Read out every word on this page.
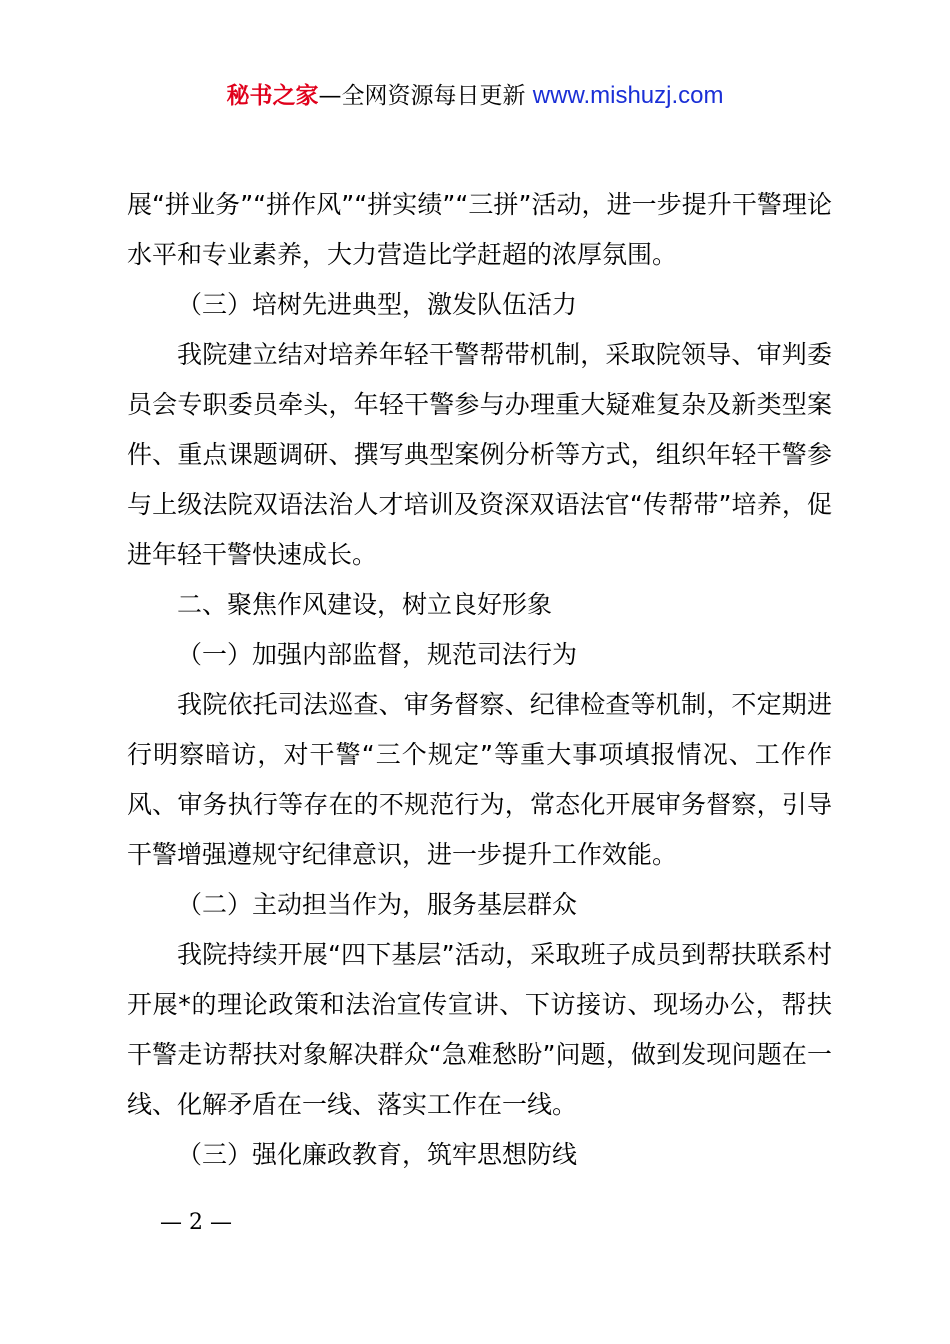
秘书之家—全网资源每日更新 www.mishuzj.com

展“拼业务”“拼作风”“拼实绩”“三拼”活动，进一步提升干警理论水平和专业素养，大力营造比学赶超的浓厚氛围。

（三）培树先进典型，激发队伍活力

我院建立结对培养年轻干警帮带机制，采取院领导、审判委员会专职委员牵头，年轻干警参与办理重大疑难复杂及新类型案件、重点课题调研、撰写典型案例分析等方式，组织年轻干警参与上级法院双语法治人才培训及资深双语法官“传帮带”培养，促进年轻干警快速成长。

二、聚焦作风建设，树立良好形象

（一）加强内部监督，规范司法行为

我院依托司法巡查、审务督察、纪律检查等机制，不定期进行明察暗访，对干警“三个规定”等重大事项填报情况、工作作风、审务执行等存在的不规范行为，常态化开展审务督察，引导干警增强遵规守纪律意识，进一步提升工作效能。

（二）主动担当作为，服务基层群众

我院持续开展“四下基层”活动，采取班子成员到帮扶联系村开展*的理论政策和法治宣传宣讲、下访接访、现场办公，帮扶干警走访帮扶对象解决群众“急难愁盼”问题，做到发现问题在一线、化解矛盾在一线、落实工作在一线。

（三）强化廉政教育，筑牢思想防线

— 2 —
